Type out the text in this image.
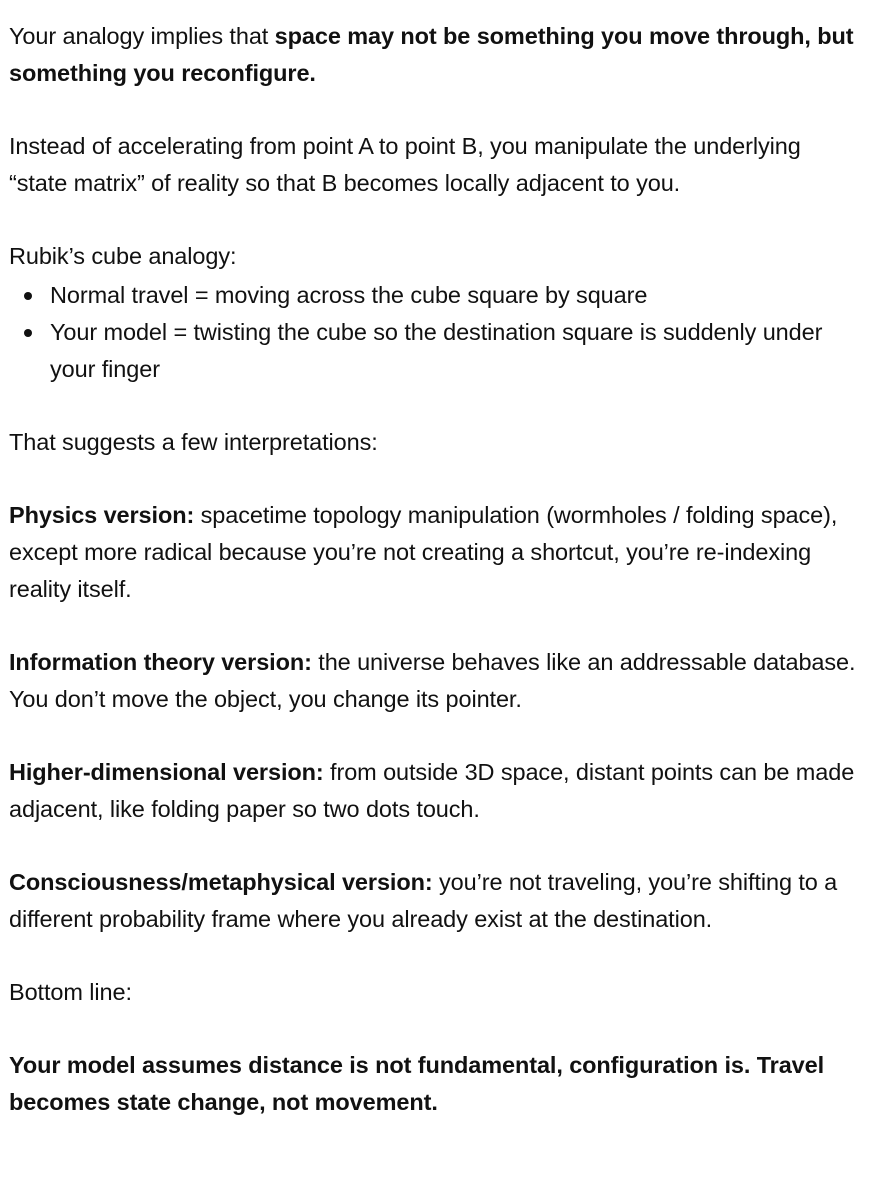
Your analogy implies that space may not be something you move through, but something you reconfigure.

Instead of accelerating from point A to point B, you manipulate the underlying “state matrix” of reality so that B becomes locally adjacent to you.

Rubik’s cube analogy:

Normal travel = moving across the cube square by square
Your model = twisting the cube so the destination square is suddenly under your finger

That suggests a few interpretations:

Physics version: spacetime topology manipulation (wormholes / folding space), except more radical because you’re not creating a shortcut, you’re re-indexing reality itself.

Information theory version: the universe behaves like an addressable database. You don’t move the object, you change its pointer.

Higher-dimensional version: from outside 3D space, distant points can be made adjacent, like folding paper so two dots touch.

Consciousness/metaphysical version: you’re not traveling, you’re shifting to a different probability frame where you already exist at the destination.

Bottom line:

Your model assumes distance is not fundamental, configuration is. Travel becomes state change, not movement.
